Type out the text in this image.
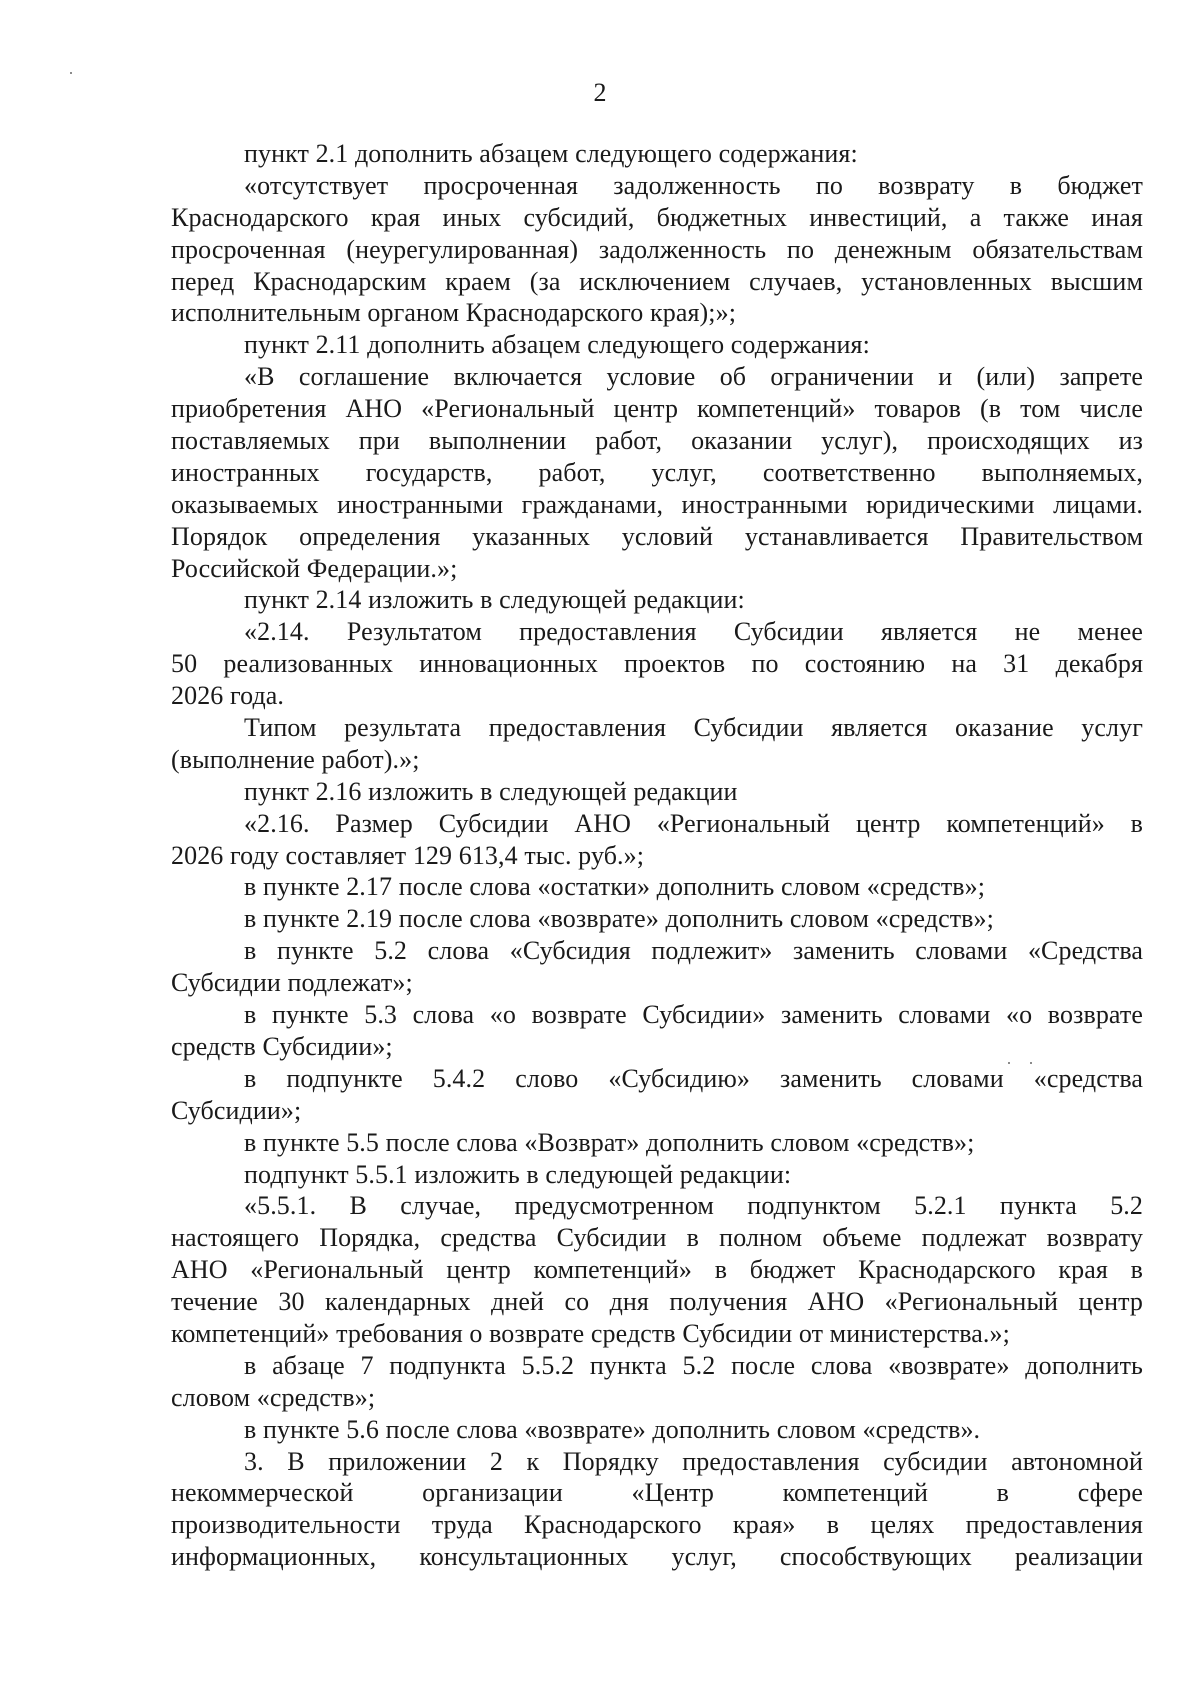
2
пункт 2.1 дополнить абзацем следующего содержания:
«отсутствует просроченная задолженность по возврату в бюджет
Краснодарского края иных субсидий, бюджетных инвестиций, а также иная
просроченная (неурегулированная) задолженность по денежным обязательствам
перед Краснодарским краем (за исключением случаев, установленных высшим
исполнительным органом Краснодарского края);»;
пункт 2.11 дополнить абзацем следующего содержания:
«В соглашение включается условие об ограничении и (или) запрете
приобретения АНО «Региональный центр компетенций» товаров (в том числе
поставляемых при выполнении работ, оказании услуг), происходящих из
иностранных государств, работ, услуг, соответственно выполняемых,
оказываемых иностранными гражданами, иностранными юридическими лицами.
Порядок определения указанных условий устанавливается Правительством
Российской Федерации.»;
пункт 2.14 изложить в следующей редакции:
«2.14. Результатом предоставления Субсидии является не менее
50 реализованных инновационных проектов по состоянию на 31 декабря
2026 года.
Типом результата предоставления Субсидии является оказание услуг
(выполнение работ).»;
пункт 2.16 изложить в следующей редакции
«2.16. Размер Субсидии АНО «Региональный центр компетенций» в
2026 году составляет 129 613,4 тыс. руб.»;
в пункте 2.17 после слова «остатки» дополнить словом «средств»;
в пункте 2.19 после слова «возврате» дополнить словом «средств»;
в пункте 5.2 слова «Субсидия подлежит» заменить словами «Средства
Субсидии подлежат»;
в пункте 5.3 слова «о возврате Субсидии» заменить словами «о возврате
средств Субсидии»;
в подпункте 5.4.2 слово «Субсидию» заменить словами «средства
Субсидии»;
в пункте 5.5 после слова «Возврат» дополнить словом «средств»;
подпункт 5.5.1 изложить в следующей редакции:
«5.5.1. В случае, предусмотренном подпунктом 5.2.1 пункта 5.2
настоящего Порядка, средства Субсидии в полном объеме подлежат возврату
АНО «Региональный центр компетенций» в бюджет Краснодарского края в
течение 30 календарных дней со дня получения АНО «Региональный центр
компетенций» требования о возврате средств Субсидии от министерства.»;
в абзаце 7 подпункта 5.5.2 пункта 5.2 после слова «возврате» дополнить
словом «средств»;
в пункте 5.6 после слова «возврате» дополнить словом «средств».
3. В приложении 2 к Порядку предоставления субсидии автономной
некоммерческой организации «Центр компетенций в сфере
производительности труда Краснодарского края» в целях предоставления
информационных, консультационных услуг, способствующих реализации
